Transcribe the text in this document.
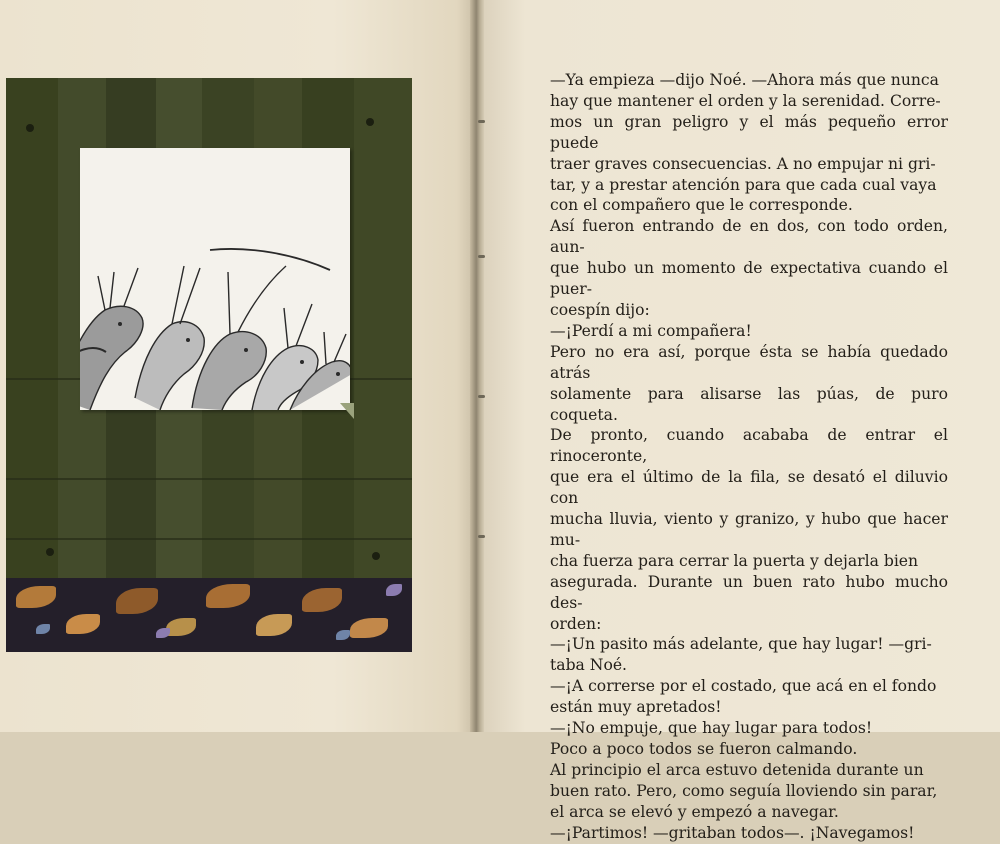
—Ya empieza —dijo Noé. —Ahora más que nunca

hay que mantener el orden y la serenidad. Corre-

mos un gran peligro y el más pequeño error puede

traer graves consecuencias. A no empujar ni gri-

tar, y a prestar atención para que cada cual vaya

con el compañero que le corresponde.

Así fueron entrando de en dos, con todo orden, aun-

que hubo un momento de expectativa cuando el puer-

coespín dijo:

—¡Perdí a mi compañera!

Pero no era así, porque ésta se había quedado atrás

solamente para alisarse las púas, de puro coqueta.

De pronto, cuando acababa de entrar el rinoceronte,

que era el último de la fila, se desató el diluvio con

mucha lluvia, viento y granizo, y hubo que hacer mu-

cha fuerza para cerrar la puerta y dejarla bien

asegurada. Durante un buen rato hubo mucho des-

orden:

—¡Un pasito más adelante, que hay lugar! —gri-

taba Noé.

—¡A correrse por el costado, que acá en el fondo

están muy apretados!

—¡No empuje, que hay lugar para todos!

Poco a poco todos se fueron calmando.

Al principio el arca estuvo detenida durante un

buen rato. Pero, como seguía lloviendo sin parar,

el arca se elevó y empezó a navegar.

—¡Partimos! —gritaban todos—. ¡Navegamos!
